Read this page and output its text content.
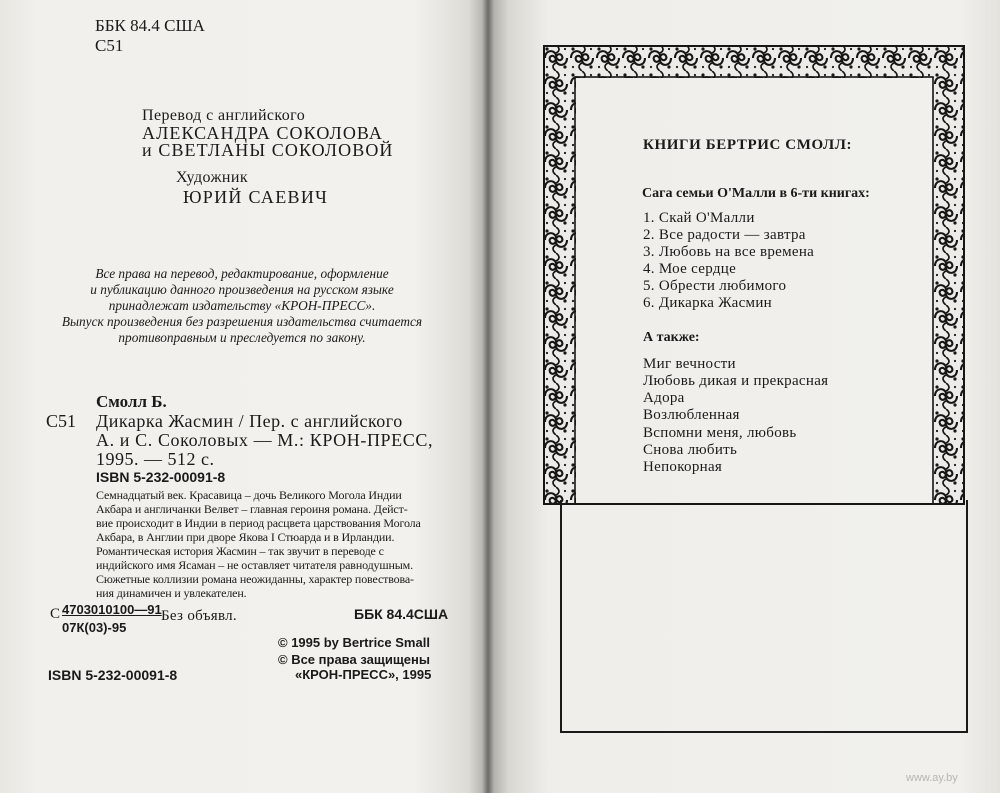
ББК 84.4 США
С51
Перевод с английского
АЛЕКСАНДРА СОКОЛОВА
и СВЕТЛАНЫ СОКОЛОВОЙ
Художник
ЮРИЙ САЕВИЧ
Все права на перевод, редактирование, оформление
и публикацию данного произведения на русском языке
принадлежат издательству «КРОН-ПРЕСС».
Выпуск произведения без разрешения издательства считается
противоправным и преследуется по закону.
Смолл Б.
С51 Дикарка Жасмин / Пер. с английского
А. и С. Соколовых — М.: КРОН-ПРЕСС,
1995. — 512 с.
ISBN 5-232-00091-8

Семнадцатый век. Красавица – дочь Великого Могола Индии

Акбара и англичанки Велвет – главная героиня романа. Дейст-

вие происходит в Индии в период расцвета царствования Могола

Акбара, в Англии при дворе Якова I Стюарда и в Ирландии.

Романтическая история Жасмин – так звучит в переводе с

индийского имя Ясаман – не оставляет читателя равнодушным.

Сюжетные коллизии романа неожиданны, характер повествова-

ния динамичен и увлекателен.

С 4703010100—91
07К(03)-95
Без объявл.	ББК 84.4США
© 1995 by Bertrice Small
© Все права защищены
«КРОН-ПРЕСС», 1995
ISBN 5-232-00091-8
КНИГИ БЕРТРИС СМОЛЛ:
Сага семьи О'Малли в 6-ти книгах:
1. Скай О'Малли
2. Все радости — завтра
3. Любовь на все времена
4. Мое сердце
5. Обрести любимого
6. Дикарка Жасмин
А также:
Миг вечности
Любовь дикая и прекрасная
Адора
Возлюбленная
Вспомни меня, любовь
Снова любить
Непокорная
www.ay.by
